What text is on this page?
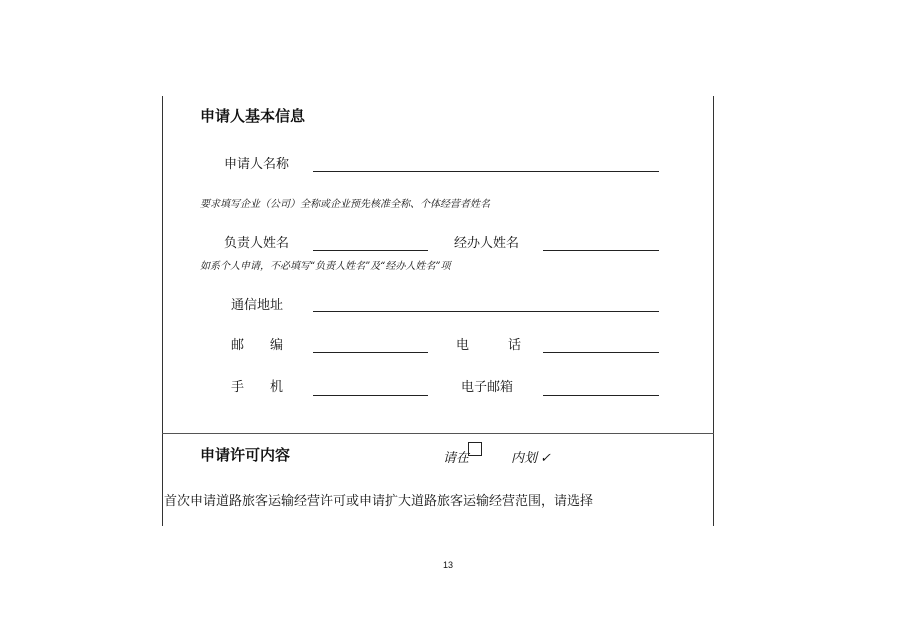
申请人基本信息
申请人名称
要求填写企业（公司）全称或企业预先核准全称、个体经营者姓名
负责人姓名	经办人姓名
如系个人申请，不必填写“负责人姓名”及“经办人姓名”项
通信地址
邮　　编	电　　　话
手　　机	电子邮箱
申请许可内容	请在	内划 ✓
首次申请道路旅客运输经营许可或申请扩大道路旅客运输经营范围，请选择
13
